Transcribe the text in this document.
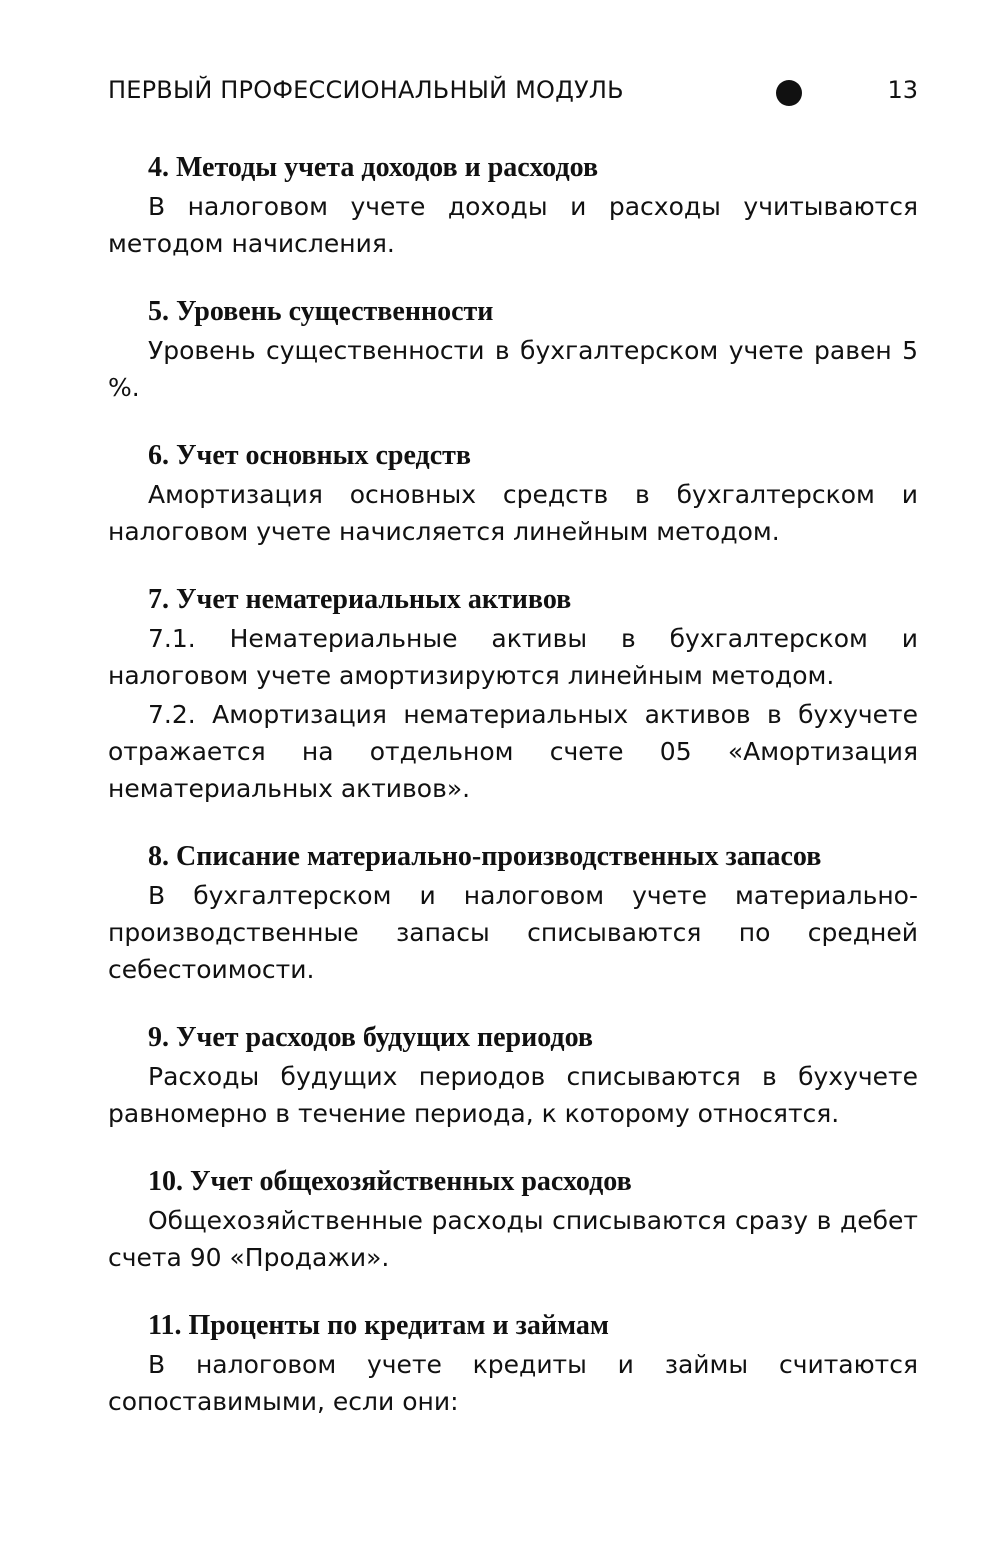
ПЕРВЫЙ ПРОФЕССИОНАЛЬНЫЙ МОДУЛЬ	13
4. Методы учета доходов и расходов

В налоговом учете доходы и расходы учитываются методом начисления.

5. Уровень существенности

Уровень существенности в бухгалтерском учете равен 5 %.

6. Учет основных средств

Амортизация основных средств в бухгалтерском и налоговом учете начисляется линейным методом.

7. Учет нематериальных активов

7.1. Нематериальные активы в бухгалтерском и налоговом учете амортизируются линейным методом.

7.2. Амортизация нематериальных активов в бухучете отражается на отдельном счете 05 «Амортизация нематериальных активов».

8. Списание материально-производственных запасов

В бухгалтерском и налоговом учете материально-производственные запасы списываются по средней себестоимости.

9. Учет расходов будущих периодов

Расходы будущих периодов списываются в бухучете равномерно в течение периода, к которому относятся.

10. Учет общехозяйственных расходов

Общехозяйственные расходы списываются сразу в дебет счета 90 «Продажи».

11. Проценты по кредитам и займам

В налоговом учете кредиты и займы считаются сопоставимыми, если они:
